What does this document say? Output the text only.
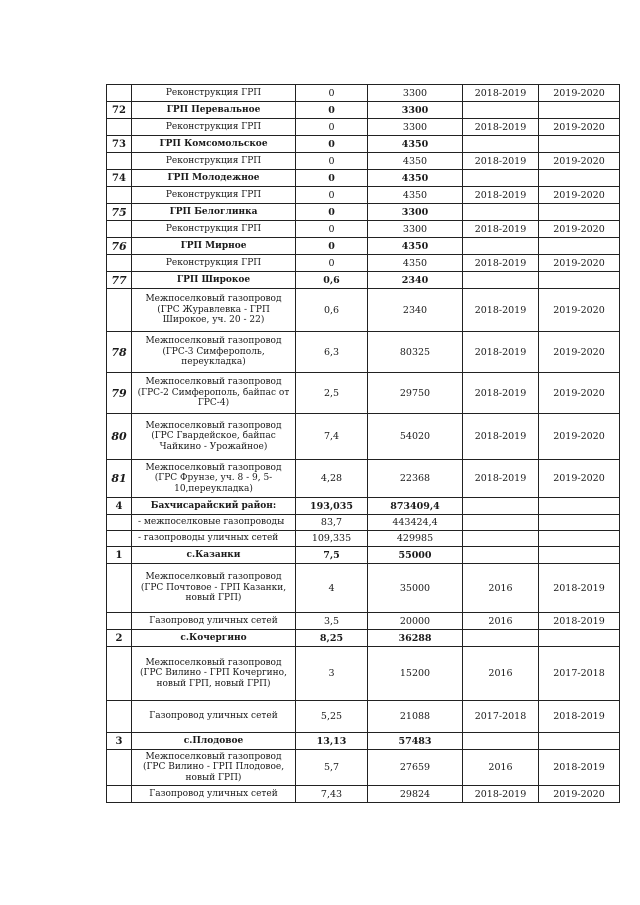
	Реконструкция ГРП	0	3300	2018-2019	2019-2020
72	ГРП Перевальное	0	3300		
	Реконструкция ГРП	0	3300	2018-2019	2019-2020
73	ГРП Комсомольское	0	4350		
	Реконструкция ГРП	0	4350	2018-2019	2019-2020
74	ГРП Молодежное	0	4350		
	Реконструкция ГРП	0	4350	2018-2019	2019-2020
75	ГРП Белоглинка	0	3300		
	Реконструкция ГРП	0	3300	2018-2019	2019-2020
76	ГРП Мирное	0	4350		
	Реконструкция ГРП	0	4350	2018-2019	2019-2020
77	ГРП Широкое	0,6	2340		
	Межпоселковый газопровод (ГРС Журавлевка - ГРП Широкое, уч. 20 - 22)	0,6	2340	2018-2019	2019-2020
78	Межпоселковый газопровод (ГРС-3 Симферополь, переукладка)	6,3	80325	2018-2019	2019-2020
79	Межпоселковый газопровод (ГРС-2 Симферополь, байпас от ГРС-4)	2,5	29750	2018-2019	2019-2020
80	Межпоселковый газопровод (ГРС Гвардейское, байпас Чайкино - Урожайное)	7,4	54020	2018-2019	2019-2020
81	Межпоселковый газопровод (ГРС Фрунзе, уч. 8 - 9, 5-10,переукладка)	4,28	22368	2018-2019	2019-2020
4	Бахчисарайский район:	193,035	873409,4		
	- межпоселковые газопроводы	83,7	443424,4		
	- газопроводы уличных сетей	109,335	429985		
1	с.Казанки	7,5	55000		
	Межпоселковый газопровод (ГРС Почтовое - ГРП Казанки, новый ГРП)	4	35000	2016	2018-2019
	Газопровод уличных сетей	3,5	20000	2016	2018-2019
2	с.Кочергино	8,25	36288		
	Межпоселковый газопровод (ГРС Вилино - ГРП Кочергино, новый ГРП, новый ГРП)	3	15200	2016	2017-2018
	Газопровод уличных сетей	5,25	21088	2017-2018	2018-2019
3	с.Плодовое	13,13	57483		
	Межпоселковый газопровод (ГРС Вилино - ГРП Плодовое, новый ГРП)	5,7	27659	2016	2018-2019
	Газопровод уличных сетей	7,43	29824	2018-2019	2019-2020
